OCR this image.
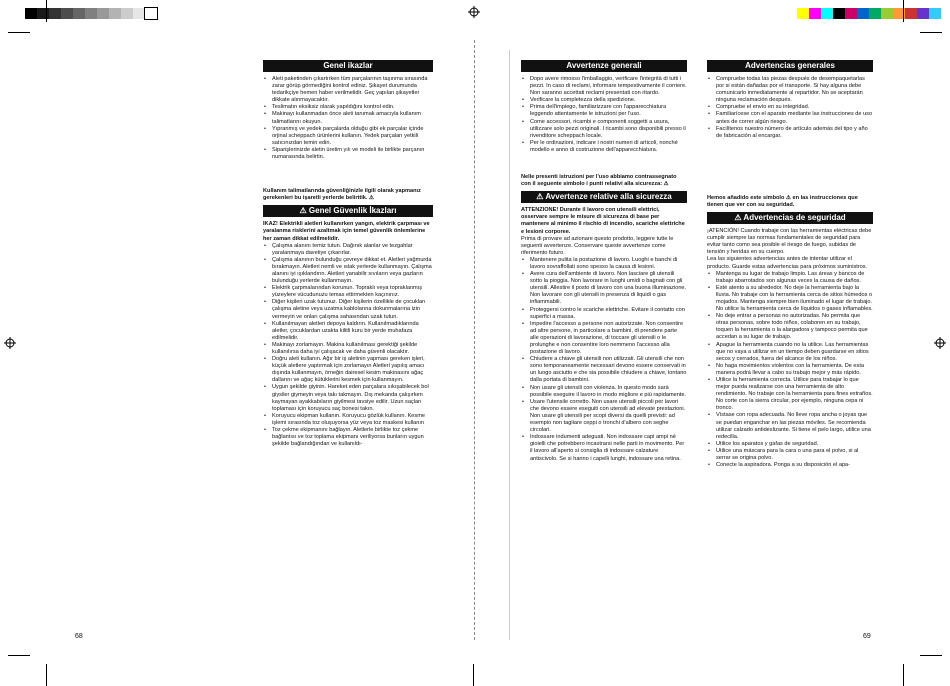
Genel ikazlar
• Aleti paketinden çıkartırken tüm parçalarının taşınma sırasında zarar görüp görmediğini kontrol ediniz. Şikayet durumunda tedarikçiye hemen haber verilmelidir. Geç yapılan şikayetler dikkate alınmayacaktır.
• Teslimatın eksiksiz olarak yapıldığını kontrol edin.
• Makinayı kullanmadan önce aleti tanımak amacıyla kullanım talimatlarını okuyun.
• Yıpranmış ve yedek parçalarda olduğu gibi ek parçalar içinde orjinal scheppach ürünlerini kullanın. Yedek parçaları yetkili satıcınızdan temin edin.
• Siparişlerinizde aletin üretim yılı ve modeli ile birlikte parçanın numarasında belirtin.
Kullanım talimatlarında güvenliğinizle ilgili olarak yapmanız gerekenleri bu işaretli yerlerde belirttik. ⚠
⚠ Genel Güvenlik İkazları
IKAZ! Elektrikli aletleri kullanırken yangın, elektrik çarpması ve yaralanma risklerini azaltmak için temel güvenlik önlemlerine her zaman dikkat edilmelidir.
• Çalışma alanını temiz tutun. Dağınık alanlar ve tezgahlar yaralanmaya davetiye çıkarırlar.
• Çalışma alanının bulunduğu çevreye dikkat et. Aletleri yağmurda bırakmayın. Aletleri nemli ve ıslak yerlerde kullanmayın. Çalışma alanını iyi ışıklandırın. Aletleri yanabilir sıvıların veya gazların bulunduğu yerlerde kullanmayın.
• Elektrik çarpmalarından korunun. Topraklı veya topraklanmış yüzeylere vücudunuzu temas ettirmekten kaçınınız.
• Diğer kişileri uzak tutunuz. Diğer kişilerin özellikle de çocukları çalışma aletine veya uzatma kablolarına dokunmalarına izin vermeyin ve onları çalışma sahasından uzak tutun.
• Kullanılmayan aletleri depoya kaldırın. Kullanılmadıklarında aletler, çocuklardan uzakta kilitli kuru bir yerde muhafaza edilmelidir.
• Makinayı zorlamayın. Makina kullanılması gerektiği şekilde kullanılırsa daha iyi çalışacak ve daha güvenli olacaktır.
• Doğru aleti kullanın. Ağır bir iş aletinin yapması gereken işleri, küçük aletlere yaptırmak için zorlamayın Aletleri yapılış amacı dışında kullanmayın, örneğin dairesel kesim makinasını ağaç dallarını ve ağaç kütüklerini kesmek için kullanmayın.
• Uygun şekilde giyinin. Hareket eden parçalara sıkışabilecek bol giysiler giymeyin veya takı takmayın. Dış mekanda çalışırken kaymayan ayakkabıların giyilmesi tavsiye edilir. Uzun saçları toplaması için koruyucu saç bonesi takın.
• Koruyucu ekipman kullanın. Koruyucu gözlük kullanın. Kesme işlemi sırasında toz oluşuyorsa yüz veya toz maskesi kullanın
• Toz çekme ekipmanını bağlayın. Aletlerle birlikte toz çekme bağlantısı ve toz toplama ekipmanı veriliyorsa bunların uygun şekilde bağlandığından ve kullanıldı-
Avvertenze generali
• Dopo avere rimosso l'imballaggio, verificare l'integrità di tutti i pezzi. In caso di reclami, informare tempestivamente il corriere. Non saranno accettati reclami presentati con ritardo.
• Verificare la completezza della spedizione.
• Prima dell'impiego, familiarizzare con l'apparecchiatura leggendo attentamente le istruzioni per l'uso.
• Come accessori, ricambi e componenti soggetti a usura, utilizzare solo pezzi originali. I ricambi sono disponibili presso il rivenditore scheppach locale.
• Per le ordinazioni, indicare i nostri numeri di articoli, nonché modello e anno di costruzione dell'apparecchiatura.
Nelle presenti istruzioni per l'uso abbiamo contrassegnato con il seguente simbolo i punti relativi alla sicurezza: ⚠
⚠ Avvertenze relative alla sicurezza
ATTENZIONE! Durante il lavoro con utensili elettrici, osservare sempre le misure di sicurezza di base per mantenere al minimo il rischio di incendio, scariche elettriche e lesioni corporee.
Prima di provare ad azionare questo prodotto, leggere tutte le seguenti avvertenze. Conservare queste avvertenze come riferimento futuro.
• Mantenere pulita la postazione di lavoro. Luoghi e banchi di lavoro sovraffollati sono spesso la causa di lesioni.
• Avere cura dell'ambiente di lavoro. Non lasciare gli utensili sotto la pioggia. Non lavorare in luoghi umidi o bagnati con gli utensili. Allestire il posto di lavoro con una buona illuminazione. Non lavorare con gli utensili in presenza di liquidi o gas infiammabili.
• Proteggersi contro le scariche elettriche. Evitare il contatto con superfici a massa.
• Impedire l'accesso a persone non autorizzate. Non consentire ad altre persone, in particolare a bambini, di prendere parte alle operazioni di lavorazione, di toccare gli utensili o le prolunghe e non consentire loro nemmeno l'accesso alla postazione di lavoro.
• Chiudere a chiave gli utensili non utilizzati. Gli utensili che non sono temporaneamente necessari devono essere conservati in un luogo asciutto e che sia possibile chiudere a chiave, lontano dalla portata di bambini.
• Non usare gli utensili con violenza. In questo modo sarà possibile eseguire il lavoro in modo migliore e più rapidamente.
• Usare l'utensile corretto. Non usare utensili piccoli per lavori che devono essere eseguiti con utensili ad elevate prestazioni. Non usare gli utensili per scopi diversi da quelli previsti: ad esempio non tagliare ceppi o tronchi d'albero con seghe circolari.
• Indossare indumenti adeguati. Non indossare capi ampi né gioielli che potrebbero incastrarsi nelle parti in movimento. Per il lavoro all'aperto si consiglia di indossare calzature antiscivolo. Se si hanno i capelli lunghi, indossare una retina.
Advertencias generales
• Compruebe todas las piezas después de desempaquetarlas por si están dañadas por el transporte. Si hay alguna debe comunicarlo inmediatamente al repartidor. No se aceptarán ninguna reclamación después.
• Compruebe el envío en su integridad.
• Familiarícese con el aparato mediante las instrucciones de uso antes de correr algún riesgo.
• Facilítenos nuestro número de artículo además del tipo y año de fabricación al encargar.
Hemos añadido este símbolo ⚠ en las instrucciones que tienen que ver con su seguridad.
⚠ Advertencias de seguridad
¡ATENCIÓN! Cuando trabaje con las herramientas eléctricas debe cumplir siempre las normas fundamentales de seguridad para evitar tanto como sea posible el riesgo de fuego, subidas de tensión y heridas en su cuerpo.
Lea las siguientes advertencias antes de intentar utilizar el producto. Guarde estas advertencias para próximos suministros.
• Mantenga su lugar de trabajo limpio. Las áreas y bancos de trabajo abarrotados son algunas veces la causa de daños.
• Esté atento a su alrededor. No deje la herramienta bajo la lluvia. No trabaje con la herramienta cerca de sitios húmedos o mojados. Mantenga siempre bien iluminado el lugar de trabajo. No utilice la herramienta cerca de líquidos o gases inflamables.
• No deje entrar a personas no autorizadas. No permita que otras personas, sobre todo niños, colaboren en su trabajo, toquen la herramienta o la alargadora y tampoco permita que accedan a su lugar de trabajo.
• Apague la herramienta cuando no la utilice. Las herramientas que no vaya a utilizar en un tiempo deben guardarse en sitios secos y cerrados, fuera del alcance de los niños.
• No haga movimientos violentos con la herramienta. De esta manera podrá llevar a cabo su trabajo mejor y más rápido.
• Utilice la herramienta correcta. Utilice para trabajar lo que mejor pueda realizarse con una herramienta de alto rendimiento. No trabaje con la herramienta para fines extraños. No corte con la sierra circular, por ejemplo, ninguna cepa ni tronco.
• Vístase con ropa adecuada. No lleve ropa ancha o joyas que se puedan enganchar en las piezas móviles. Se recomienda utilizar calzado antideslizante. Si tiene el pelo largo, utilice una redecilla.
• Utilice los aparatos y gafas de seguridad.
• Utilice una máscara para la cara o una para el polvo, si al serrar se origina polvo.
• Conecte la aspiradora. Ponga a su disposición el apa-
68	69
